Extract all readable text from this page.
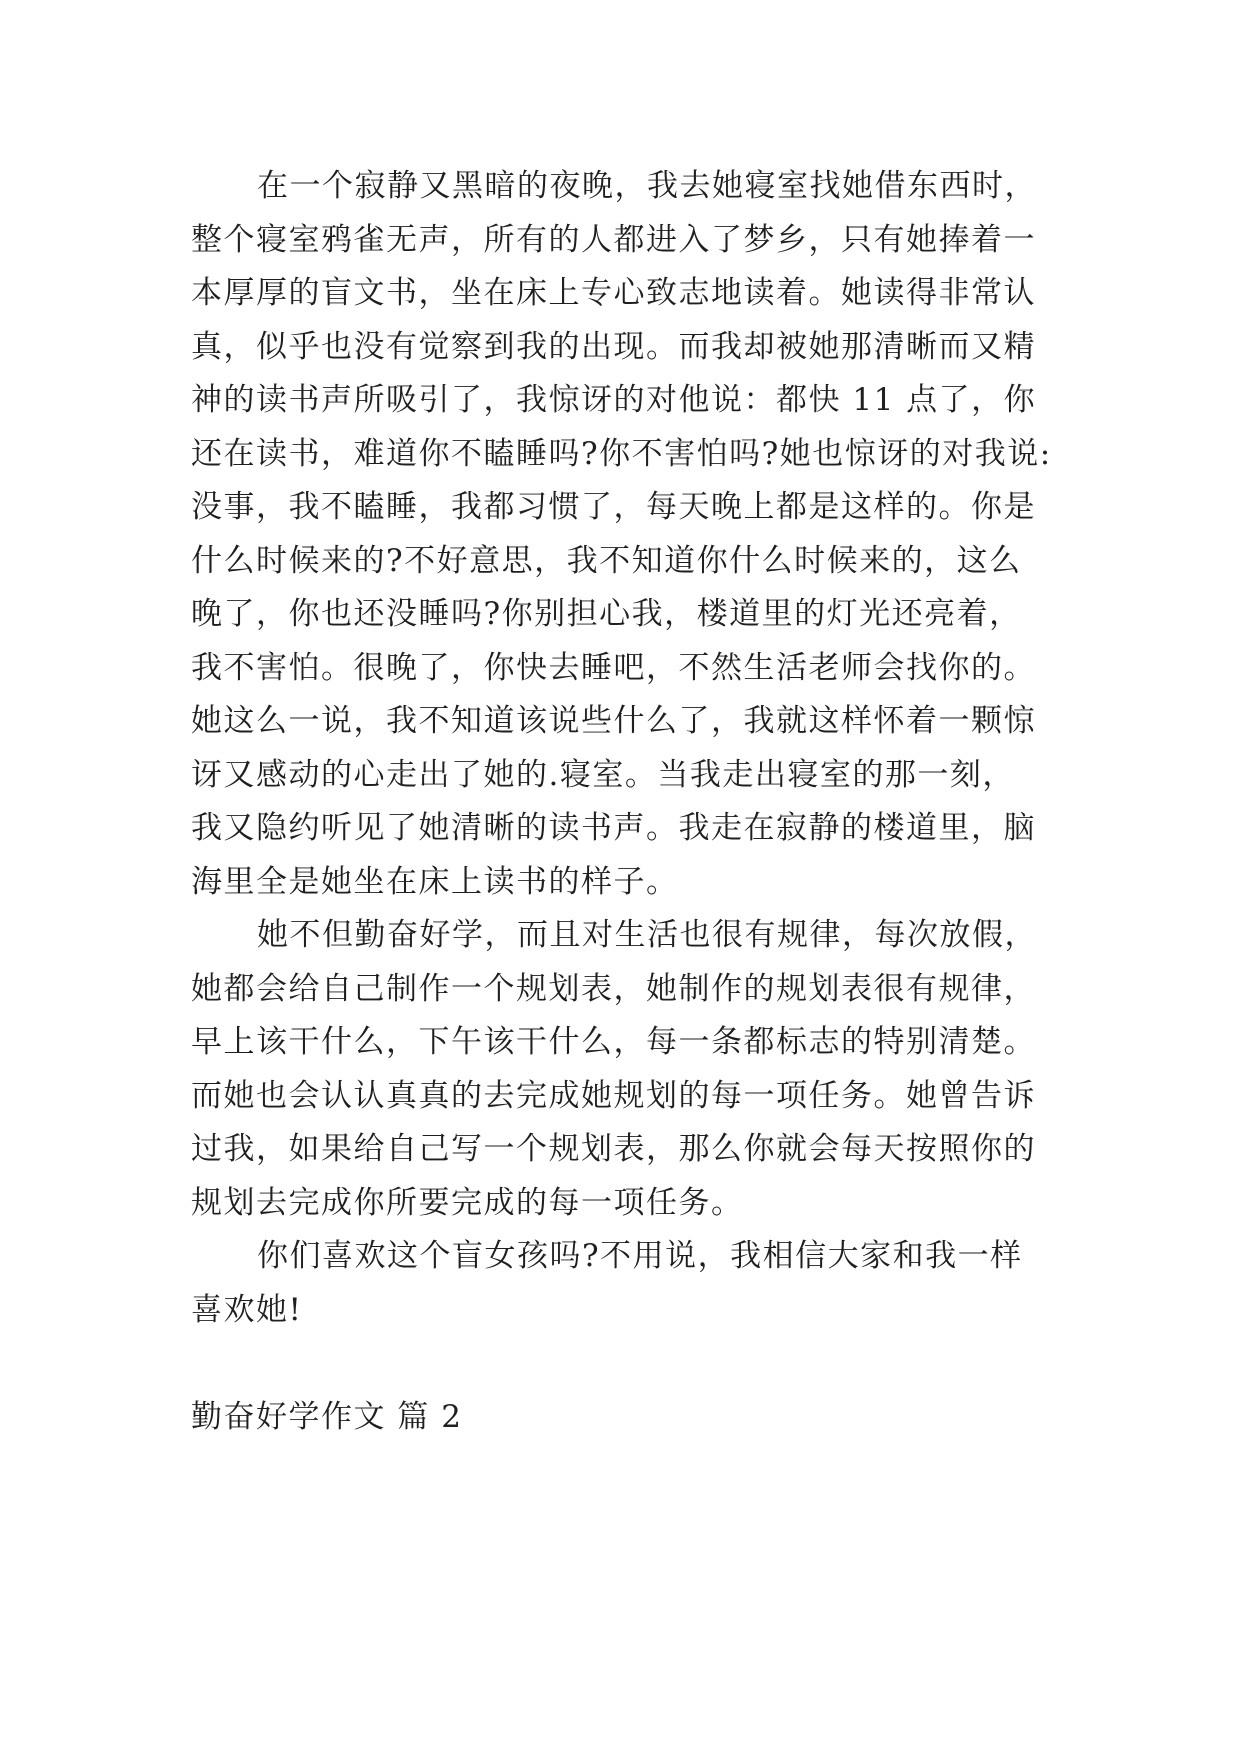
在一个寂静又黑暗的夜晚，我去她寝室找她借东西时，
整个寝室鸦雀无声，所有的人都进入了梦乡，只有她捧着一
本厚厚的盲文书，坐在床上专心致志地读着。她读得非常认
真，似乎也没有觉察到我的出现。而我却被她那清晰而又精
神的读书声所吸引了，我惊讶的对他说：都快 11 点了，你
还在读书，难道你不瞌睡吗?你不害怕吗?她也惊讶的对我说:
没事，我不瞌睡，我都习惯了，每天晚上都是这样的。你是
什么时候来的?不好意思，我不知道你什么时候来的，这么
晚了，你也还没睡吗?你别担心我，楼道里的灯光还亮着，
我不害怕。很晚了，你快去睡吧，不然生活老师会找你的。
她这么一说，我不知道该说些什么了，我就这样怀着一颗惊
讶又感动的心走出了她的.寝室。当我走出寝室的那一刻，
我又隐约听见了她清晰的读书声。我走在寂静的楼道里，脑
海里全是她坐在床上读书的样子。
她不但勤奋好学，而且对生活也很有规律，每次放假，
她都会给自己制作一个规划表，她制作的规划表很有规律，
早上该干什么，下午该干什么，每一条都标志的特别清楚。
而她也会认认真真的去完成她规划的每一项任务。她曾告诉
过我，如果给自己写一个规划表，那么你就会每天按照你的
规划去完成你所要完成的每一项任务。
你们喜欢这个盲女孩吗?不用说，我相信大家和我一样
喜欢她!
勤奋好学作文 篇 2
